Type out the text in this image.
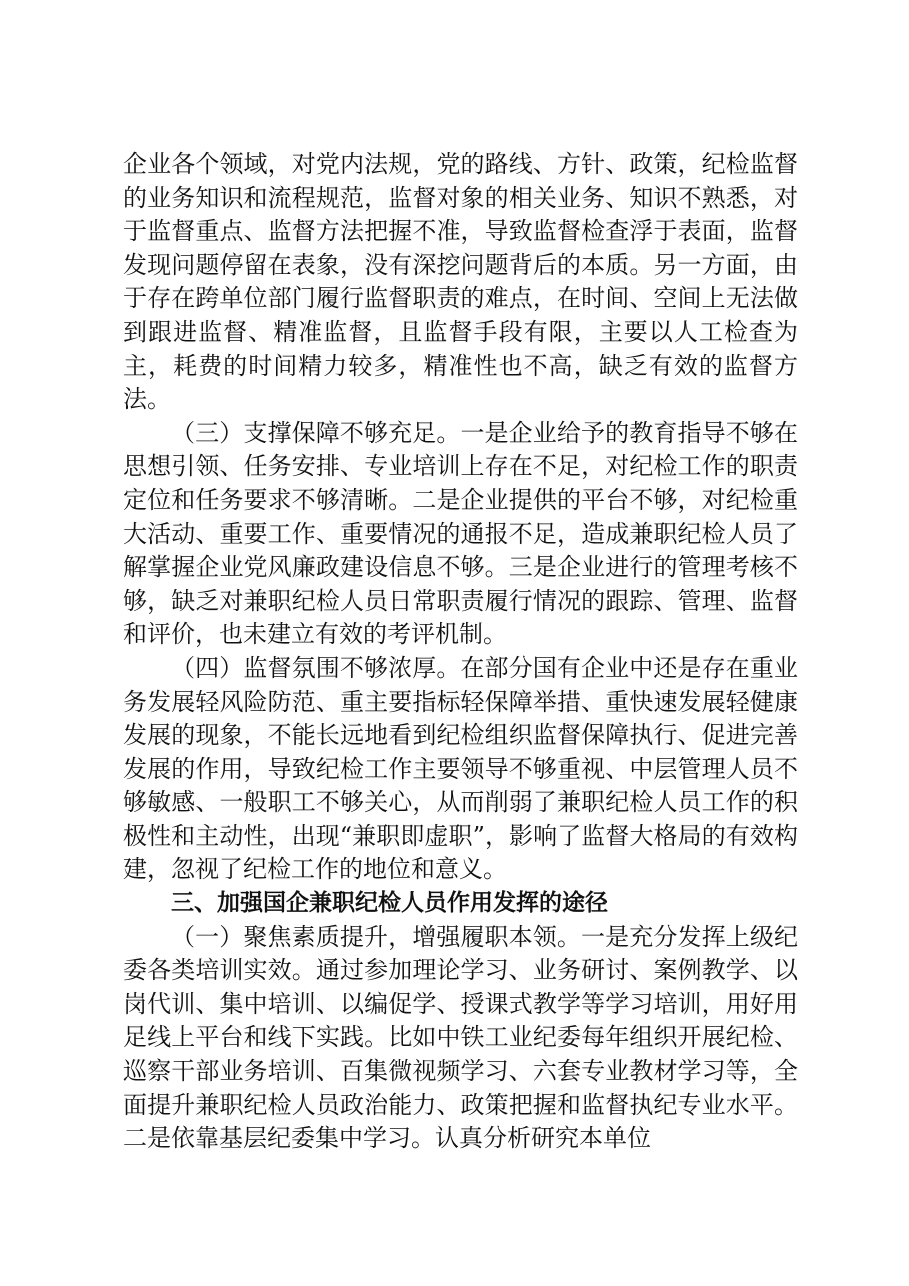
企业各个领域，对党内法规，党的路线、方针、政策，纪检监督的业务知识和流程规范，监督对象的相关业务、知识不熟悉，对于监督重点、监督方法把握不准，导致监督检查浮于表面，监督发现问题停留在表象，没有深挖问题背后的本质。另一方面，由于存在跨单位部门履行监督职责的难点，在时间、空间上无法做到跟进监督、精准监督，且监督手段有限，主要以人工检查为主，耗费的时间精力较多，精准性也不高，缺乏有效的监督方法。

（三）支撑保障不够充足。一是企业给予的教育指导不够在思想引领、任务安排、专业培训上存在不足，对纪检工作的职责定位和任务要求不够清晰。二是企业提供的平台不够，对纪检重大活动、重要工作、重要情况的通报不足，造成兼职纪检人员了解掌握企业党风廉政建设信息不够。三是企业进行的管理考核不够，缺乏对兼职纪检人员日常职责履行情况的跟踪、管理、监督和评价，也未建立有效的考评机制。

（四）监督氛围不够浓厚。在部分国有企业中还是存在重业务发展轻风险防范、重主要指标轻保障举措、重快速发展轻健康发展的现象，不能长远地看到纪检组织监督保障执行、促进完善发展的作用，导致纪检工作主要领导不够重视、中层管理人员不够敏感、一般职工不够关心，从而削弱了兼职纪检人员工作的积极性和主动性，出现“兼职即虚职”，影响了监督大格局的有效构建，忽视了纪检工作的地位和意义。

三、加强国企兼职纪检人员作用发挥的途径

（一）聚焦素质提升，增强履职本领。一是充分发挥上级纪委各类培训实效。通过参加理论学习、业务研讨、案例教学、以岗代训、集中培训、以编促学、授课式教学等学习培训，用好用足线上平台和线下实践。比如中铁工业纪委每年组织开展纪检、巡察干部业务培训、百集微视频学习、六套专业教材学习等，全面提升兼职纪检人员政治能力、政策把握和监督执纪专业水平。二是依靠基层纪委集中学习。认真分析研究本单位
